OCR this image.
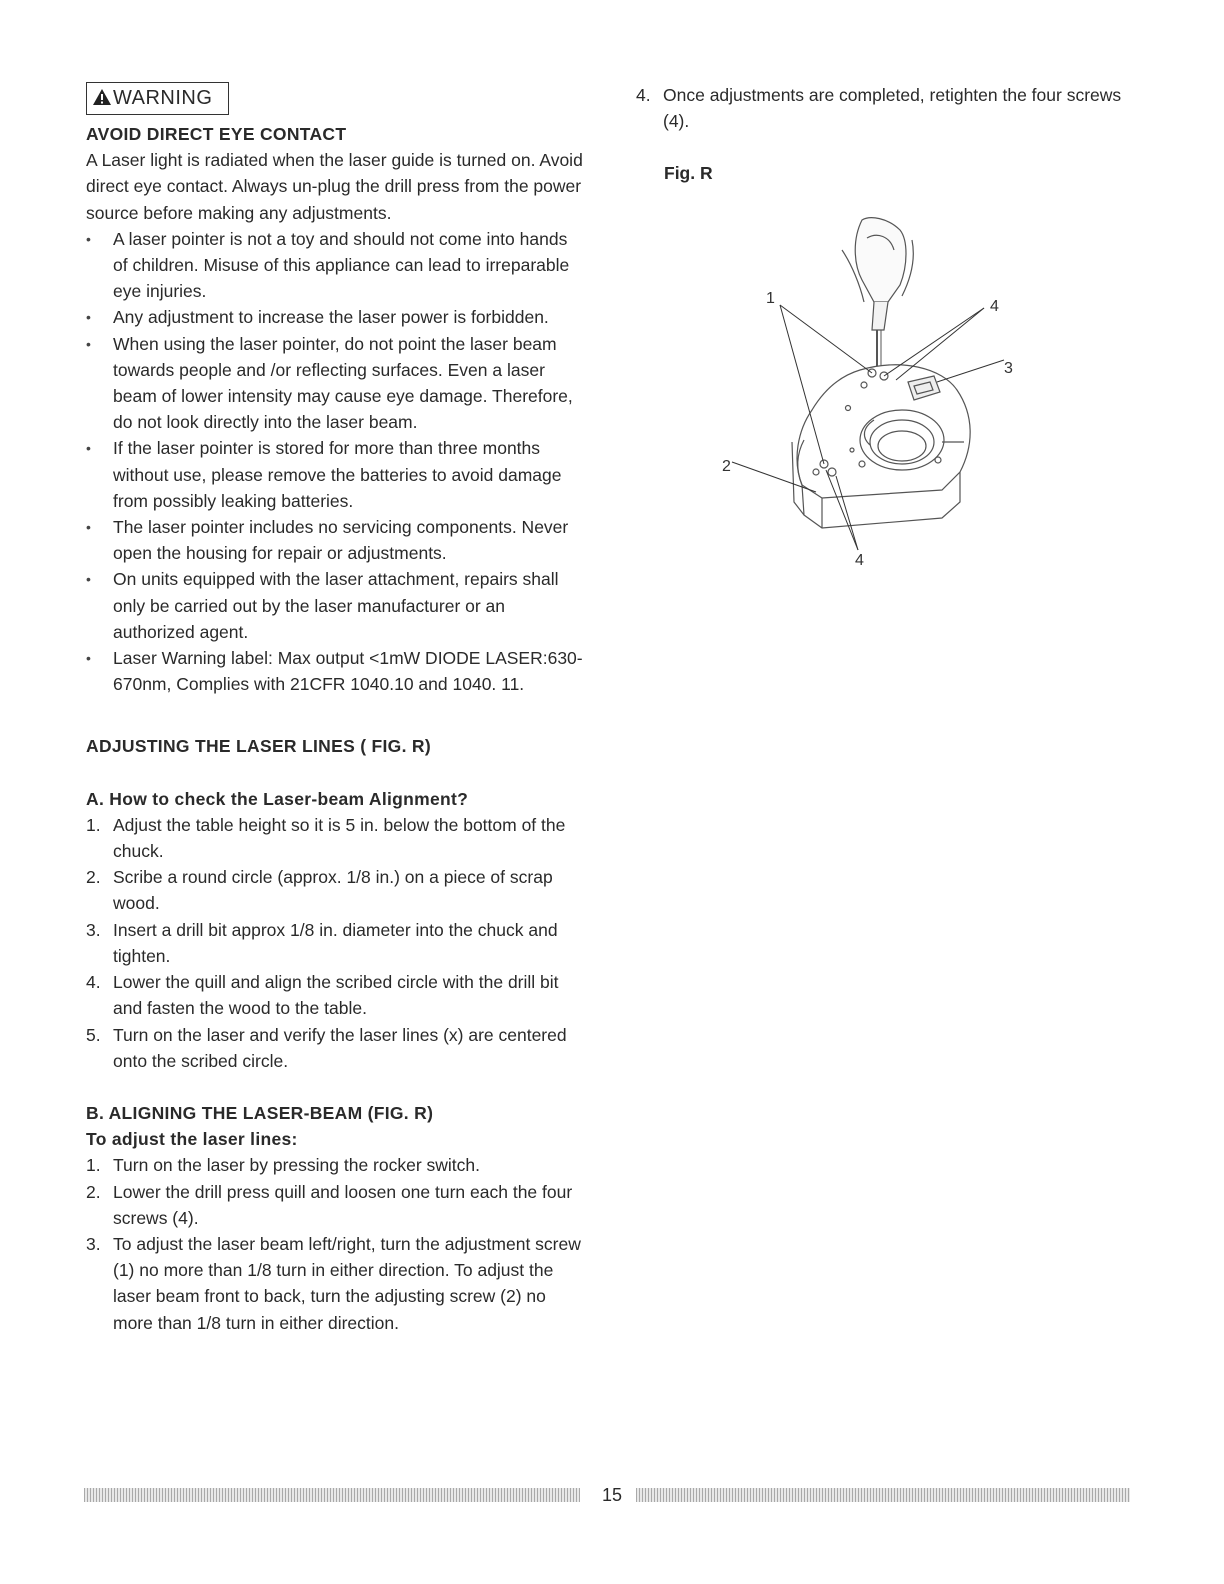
WARNING
AVOID DIRECT EYE CONTACT

A Laser light is radiated when the laser guide is turned on. Avoid direct eye contact. Always un-plug the drill press from the power source before making any adjustments.

• A laser pointer is not a toy and should not come into hands of children. Misuse of this appliance can lead to irreparable eye injuries.
• Any adjustment to increase the laser power is forbidden.
• When using the laser pointer, do not point the laser beam towards people and /or reflecting surfaces. Even a laser beam of lower intensity may cause eye damage. Therefore, do not look directly into the laser beam.
• If the laser pointer is stored for more than three months without use, please remove the batteries to avoid damage from possibly leaking batteries.
• The laser pointer includes no servicing components. Never open the housing for repair or adjustments.
• On units equipped with the laser attachment, repairs shall only be carried out by the laser manufacturer or an authorized agent.
• Laser Warning label: Max output <1mW DIODE LASER:630-670nm, Complies with 21CFR 1040.10 and 1040. 11.
ADJUSTING THE LASER LINES ( FIG. R)
A. How to check the Laser-beam Alignment?
1. Adjust the table height so it is 5 in. below the bottom of the chuck.
2. Scribe a round circle (approx. 1/8 in.) on a piece of scrap wood.
3. Insert a drill bit approx 1/8 in. diameter into the chuck and tighten.
4. Lower the quill and align the scribed circle with the drill bit and fasten the wood to the table.
5. Turn on the laser and verify the laser lines (x) are centered onto the scribed circle.
B. ALIGNING THE LASER-BEAM (FIG. R)
To adjust the laser lines:
1. Turn on the laser by pressing the rocker switch.
2. Lower the drill press quill and loosen one turn each the four screws (4).
3. To adjust the laser beam left/right, turn the adjustment screw (1) no more than 1/8 turn in either direction. To adjust the laser beam front to back, turn the adjusting screw (2) no more than 1/8 turn in either direction.
4. Once adjustments are completed, retighten the four screws (4).
Fig. R
1	4
3
2
4
15
